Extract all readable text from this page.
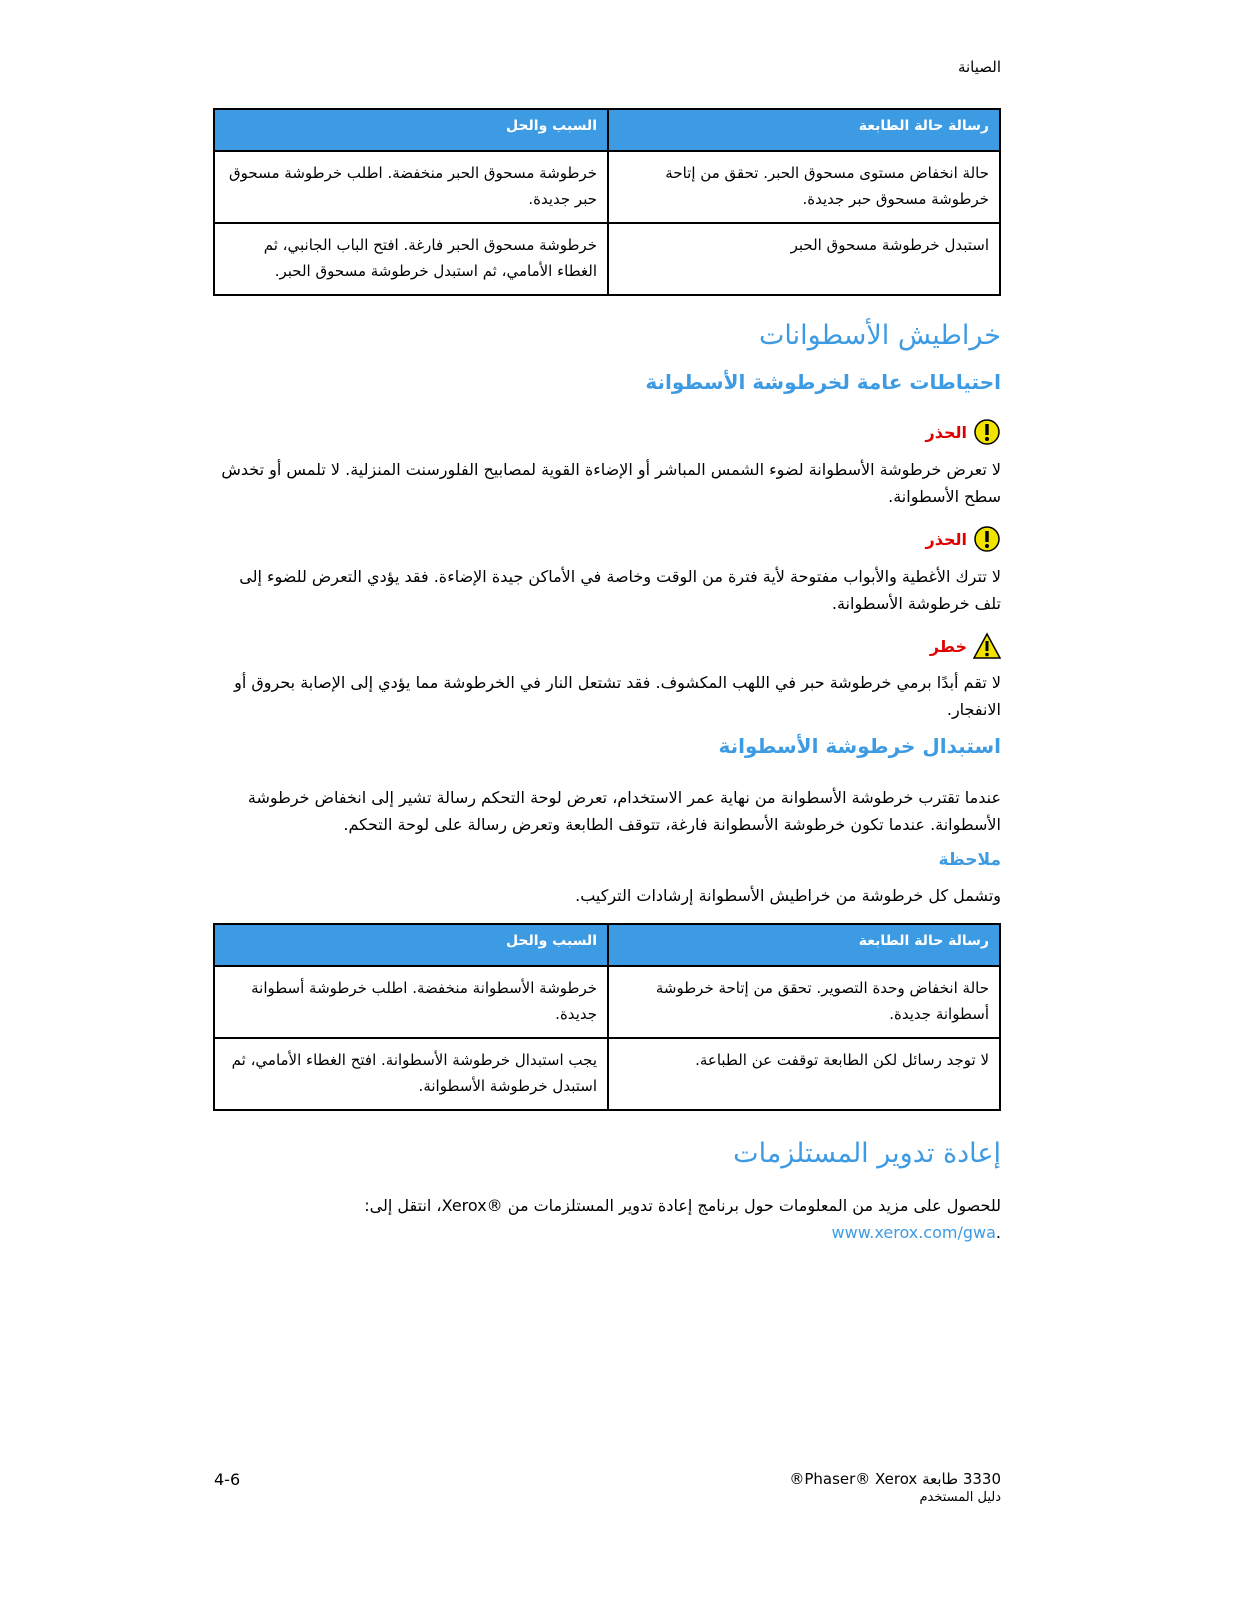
الصيانة
رسالة حالة الطابعة	السبب والحل
حالة انخفاض مستوى مسحوق الحبر. تحقق من إتاحة خرطوشة مسحوق حبر جديدة.	خرطوشة مسحوق الحبر منخفضة. اطلب خرطوشة مسحوق حبر جديدة.
استبدل خرطوشة مسحوق الحبر	خرطوشة مسحوق الحبر فارغة. افتح الباب الجانبي، ثم الغطاء الأمامي، ثم استبدل خرطوشة مسحوق الحبر.
خراطيش الأسطوانات
احتياطات عامة لخرطوشة الأسطوانة
الحذر

لا تعرض خرطوشة الأسطوانة لضوء الشمس المباشر أو الإضاءة القوية لمصابيح الفلورسنت المنزلية. لا تلمس أو تخدش سطح الأسطوانة.

الحذر

لا تترك الأغطية والأبواب مفتوحة لأية فترة من الوقت وخاصة في الأماكن جيدة الإضاءة. فقد يؤدي التعرض للضوء إلى تلف خرطوشة الأسطوانة.

خطر

لا تقم أبدًا برمي خرطوشة حبر في اللهب المكشوف. فقد تشتعل النار في الخرطوشة مما يؤدي إلى الإصابة بحروق أو الانفجار.

استبدال خرطوشة الأسطوانة

عندما تقترب خرطوشة الأسطوانة من نهاية عمر الاستخدام، تعرض لوحة التحكم رسالة تشير إلى انخفاض خرطوشة الأسطوانة. عندما تكون خرطوشة الأسطوانة فارغة، تتوقف الطابعة وتعرض رسالة على لوحة التحكم.

ملاحظة

وتشمل كل خرطوشة من خراطيش الأسطوانة إرشادات التركيب.

رسالة حالة الطابعة	السبب والحل
حالة انخفاض وحدة التصوير. تحقق من إتاحة خرطوشة أسطوانة جديدة.	خرطوشة الأسطوانة منخفضة. اطلب خرطوشة أسطوانة جديدة.
لا توجد رسائل لكن الطابعة توقفت عن الطباعة.	يجب استبدال خرطوشة الأسطوانة. افتح الغطاء الأمامي، ثم استبدل خرطوشة الأسطوانة.
إعادة تدوير المستلزمات

للحصول على مزيد من المعلومات حول برنامج إعادة تدوير المستلزمات من ®Xerox، انتقل إلى:
.www.xerox.com/gwa

4-6	3330 طابعة Phaser® Xerox®
دليل المستخدم
